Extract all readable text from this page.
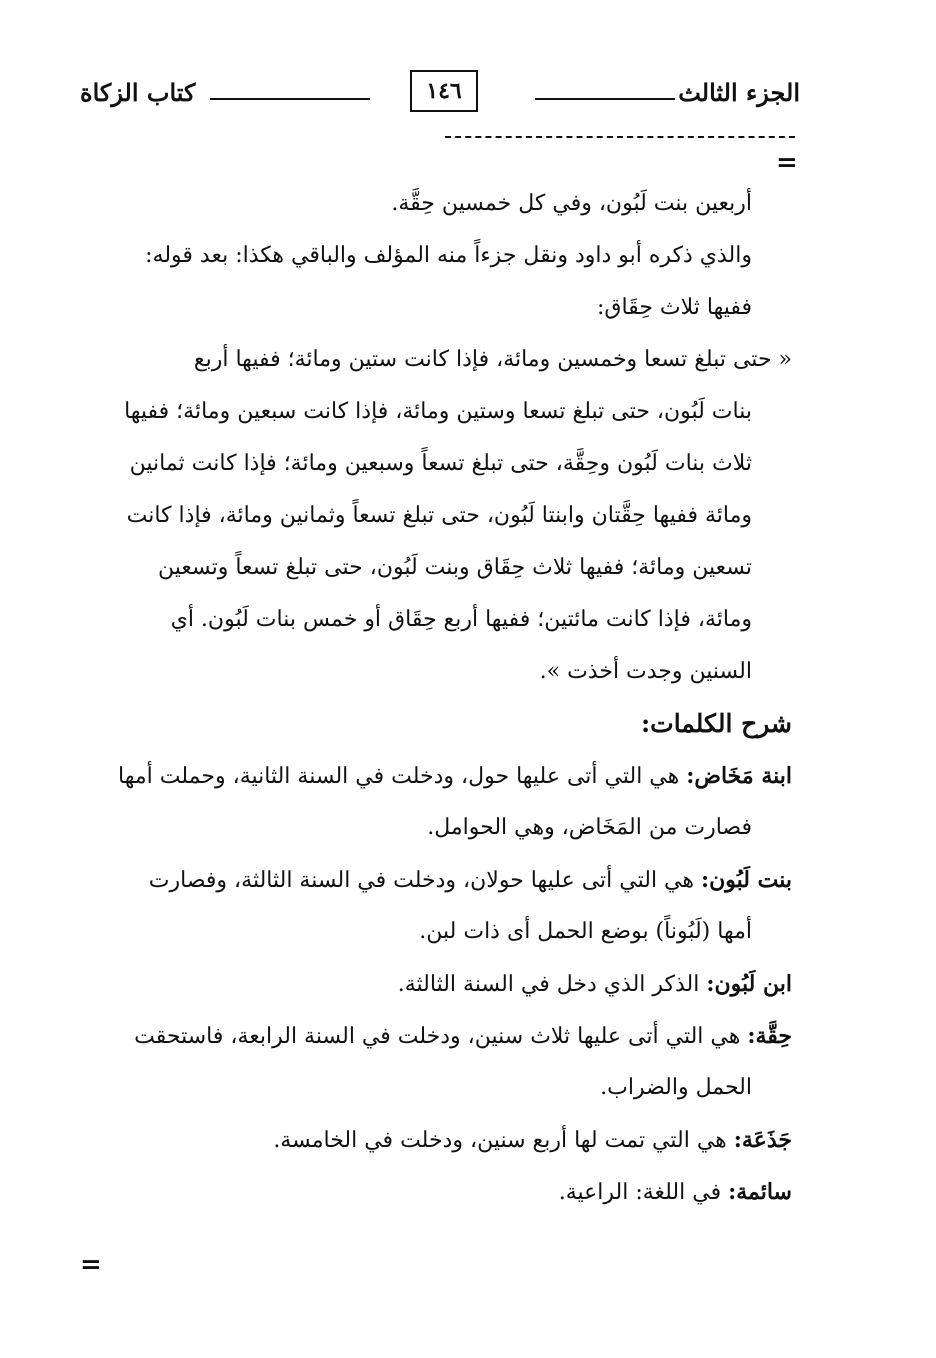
الجزء الثالث
١٤٦
كتاب الزكاة
=
أربعين بنت لَبُون، وفي كل خمسين حِقَّة.
والذي ذكره أبو داود ونقل جزءاً منه المؤلف والباقي هكذا: بعد قوله:
ففيها ثلاث حِقَاق:
« حتى تبلغ تسعا وخمسين ومائة، فإذا كانت ستين ومائة؛ ففيها أربع
بنات لَبُون، حتى تبلغ تسعا وستين ومائة، فإذا كانت سبعين ومائة؛ ففيها
ثلاث بنات لَبُون وحِقَّة، حتى تبلغ تسعاً وسبعين ومائة؛ فإذا كانت ثمانين
ومائة ففيها حِقَّتان وابنتا لَبُون، حتى تبلغ تسعاً وثمانين ومائة، فإذا كانت
تسعين ومائة؛ ففيها ثلاث حِقَاق وبنت لَبُون، حتى تبلغ تسعاً وتسعين
ومائة، فإذا كانت مائتين؛ ففيها أربع حِقَاق أو خمس بنات لَبُون. أي
السنين وجدت أخذت ».
شرح الكلمات:
ابنة مَخَاض: هي التي أتى عليها حول، ودخلت في السنة الثانية، وحملت أمها
فصارت من المَخَاض، وهي الحوامل.
بنت لَبُون: هي التي أتى عليها حولان، ودخلت في السنة الثالثة، وفصارت
أمها (لَبُوناً) بوضع الحمل أى ذات لبن.
ابن لَبُون: الذكر الذي دخل في السنة الثالثة.
حِقَّة: هي التي أتى عليها ثلاث سنين، ودخلت في السنة الرابعة، فاستحقت
الحمل والضراب.
جَذَعَة: هي التي تمت لها أربع سنين، ودخلت في الخامسة.
سائمة: في اللغة: الراعية.
=
